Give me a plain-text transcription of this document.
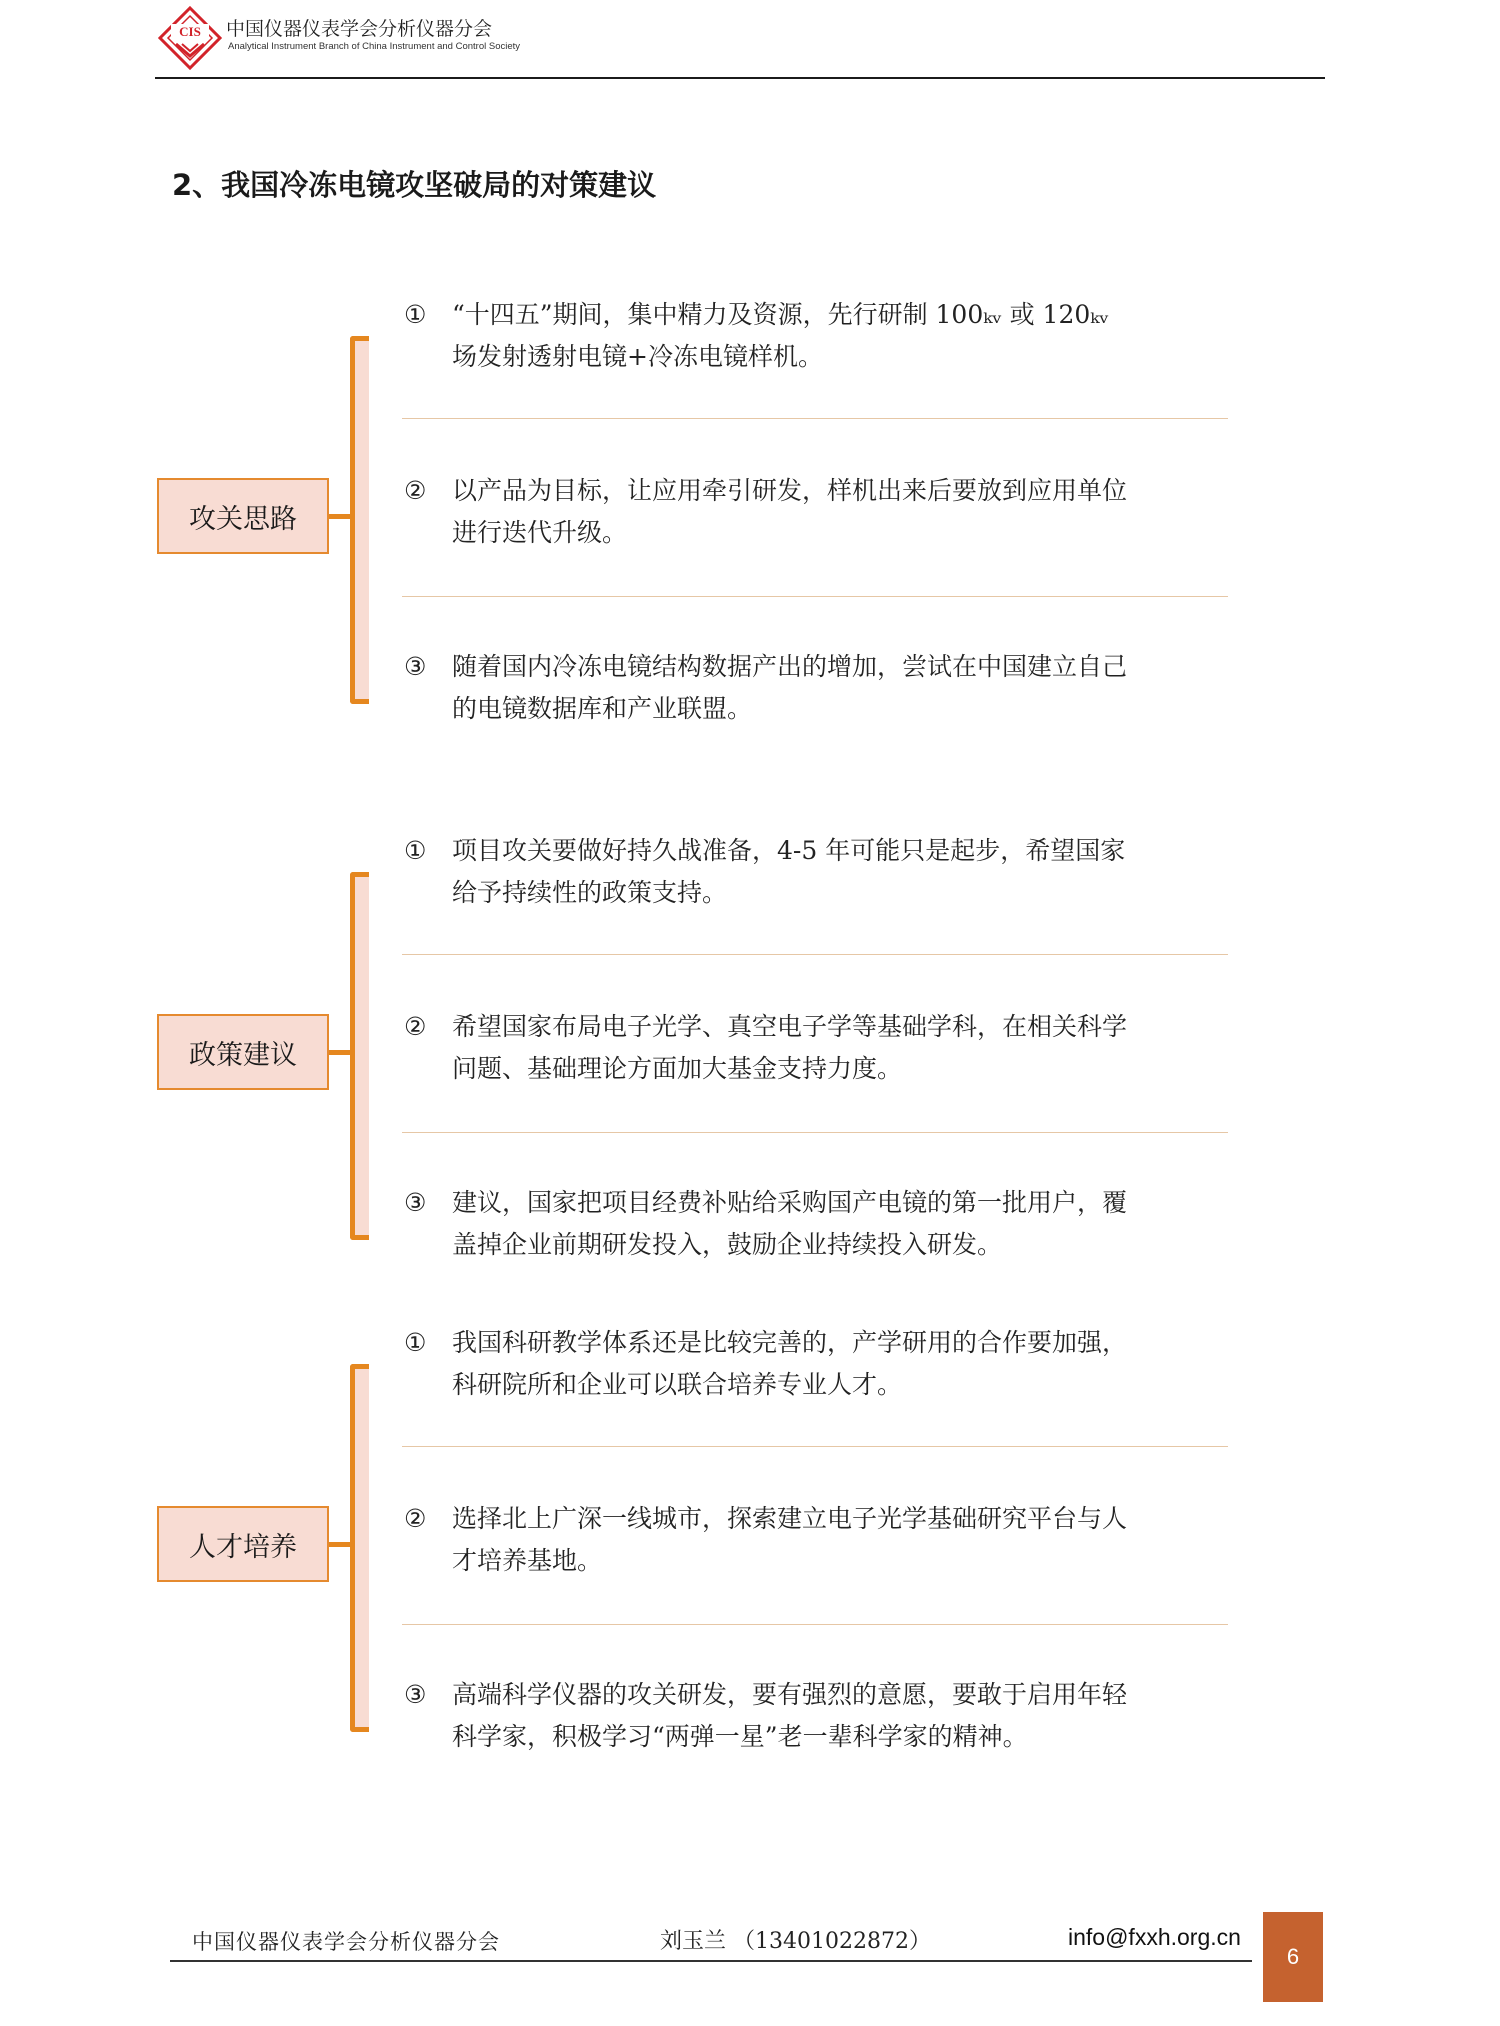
CIS 中国仪器仪表学会分析仪器分会
Analytical Instrument Branch of China Instrument and Control Society
2、我国冷冻电镜攻坚破局的对策建议
攻关思路
① “十四五”期间，集中精力及资源，先行研制 100ₖᵥ 或 120ₖᵥ
场发射透射电镜+冷冻电镜样机。
② 以产品为目标，让应用牵引研发，样机出来后要放到应用单位
进行迭代升级。
③ 随着国内冷冻电镜结构数据产出的增加，尝试在中国建立自己
的电镜数据库和产业联盟。
政策建议
① 项目攻关要做好持久战准备，4-5 年可能只是起步，希望国家
给予持续性的政策支持。
② 希望国家布局电子光学、真空电子学等基础学科，在相关科学
问题、基础理论方面加大基金支持力度。
③ 建议，国家把项目经费补贴给采购国产电镜的第一批用户，覆
盖掉企业前期研发投入，鼓励企业持续投入研发。
人才培养
① 我国科研教学体系还是比较完善的，产学研用的合作要加强，
科研院所和企业可以联合培养专业人才。
② 选择北上广深一线城市，探索建立电子光学基础研究平台与人
才培养基地。
③ 高端科学仪器的攻关研发，要有强烈的意愿，要敢于启用年轻
科学家，积极学习“两弹一星”老一辈科学家的精神。
中国仪器仪表学会分析仪器分会	刘玉兰 （13401022872）	info@fxxh.org.cn
6
